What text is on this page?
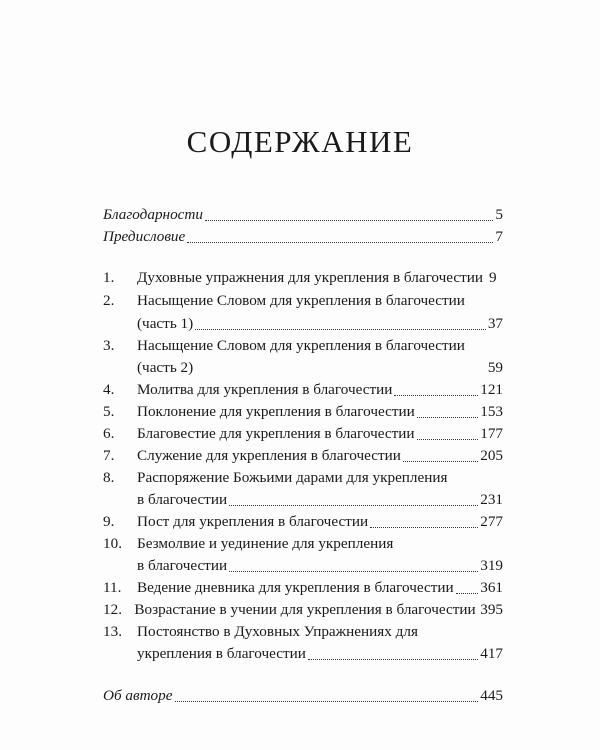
СОДЕРЖАНИЕ
Благодарности	5
Предисловие	7
1.	Духовные упражнения для укрепления в благочестии 9
2. Насыщение Словом для укрепления в благочестии
(часть 1)	37
3. Насыщение Словом для укрепления в благочестии
(часть 2)	59
4.	Молитва для укрепления в благочестии	121
5.	Поклонение для укрепления в благочестии	153
6.	Благовестие для укрепления в благочестии	177
7.	Служение для укрепления в благочестии	205
8. Распоряжение Божьими дарами для укрепления
в благочестии	231
9.	Пост для укрепления в благочестии	277
10. Безмолвие и уединение для укрепления
в благочестии	319
11.	Ведение дневника для укрепления в благочестии 361
12. Возрастание в учении для укрепления в благочестии 395
13. Постоянство в Духовных Упражнениях для
укрепления в благочестии	417
Об авторе	445
